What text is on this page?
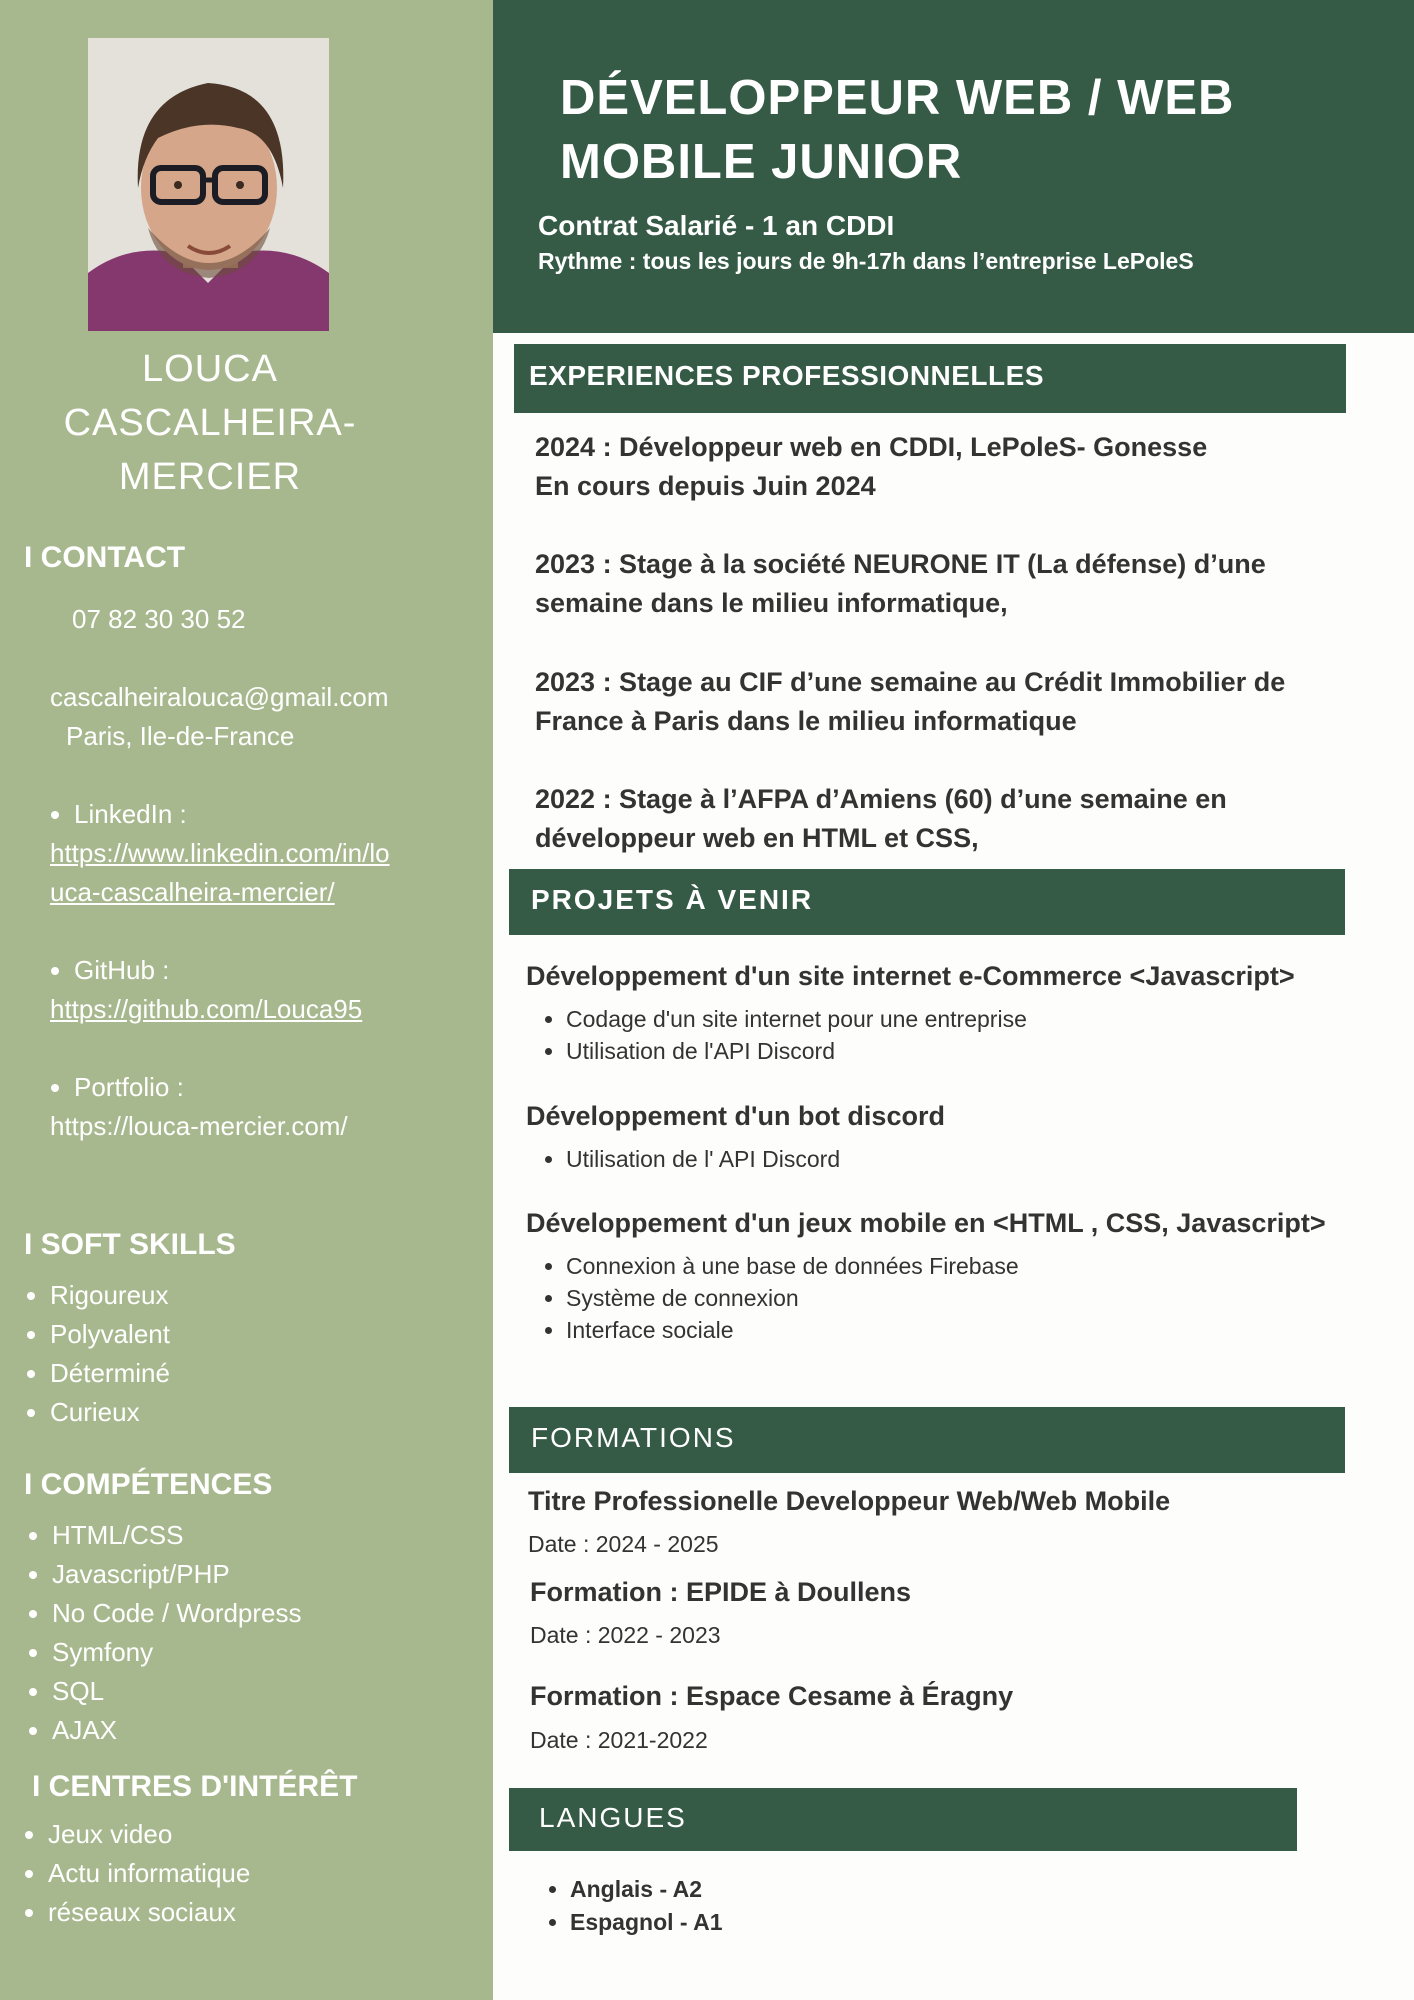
LOUCA
CASCALHEIRA-
MERCIER
I CONTACT
07 82 30 30 52
cascalheiralouca@gmail.com
Paris, Ile-de-France
• LinkedIn :
https://www.linkedin.com/in/lo
uca-cascalheira-mercier/
• GitHub :
https://github.com/Louca95
• Portfolio :
https://louca-mercier.com/
I SOFT SKILLS
• Rigoureux
• Polyvalent
• Déterminé
• Curieux
I COMPÉTENCES
• HTML/CSS
• Javascript/PHP
• No Code / Wordpress
• Symfony
• SQL
• AJAX
I CENTRES D'INTÉRÊT
• Jeux video
• Actu informatique
• réseaux sociaux
DÉVELOPPEUR WEB / WEB
MOBILE JUNIOR
Contrat Salarié - 1 an CDDI
Rythme : tous les jours de 9h-17h dans l’entreprise LePoleS
EXPERIENCES PROFESSIONNELLES
2024 : Développeur web en CDDI, LePoleS- Gonesse
En cours depuis Juin 2024
2023 : Stage à la société NEURONE IT (La défense) d’une
semaine dans le milieu informatique,
2023 : Stage au CIF d’une semaine au Crédit Immobilier de
France à Paris dans le milieu informatique
2022 : Stage à l’AFPA d’Amiens (60) d’une semaine en
développeur web en HTML et CSS,
PROJETS À VENIR
Développement d'un site internet e-Commerce <Javascript>
• Codage d'un site internet pour une entreprise
• Utilisation de l'API Discord
Développement d'un bot discord
• Utilisation de l' API Discord
Développement d'un jeux mobile en <HTML , CSS, Javascript>
• Connexion à une base de données Firebase
• Système de connexion
• Interface sociale
FORMATIONS
Titre Professionelle Developpeur Web/Web Mobile
Date : 2024 - 2025
Formation : EPIDE à Doullens
Date : 2022 - 2023
Formation : Espace Cesame à Éragny
Date : 2021-2022
LANGUES
• Anglais - A2
• Espagnol - A1
